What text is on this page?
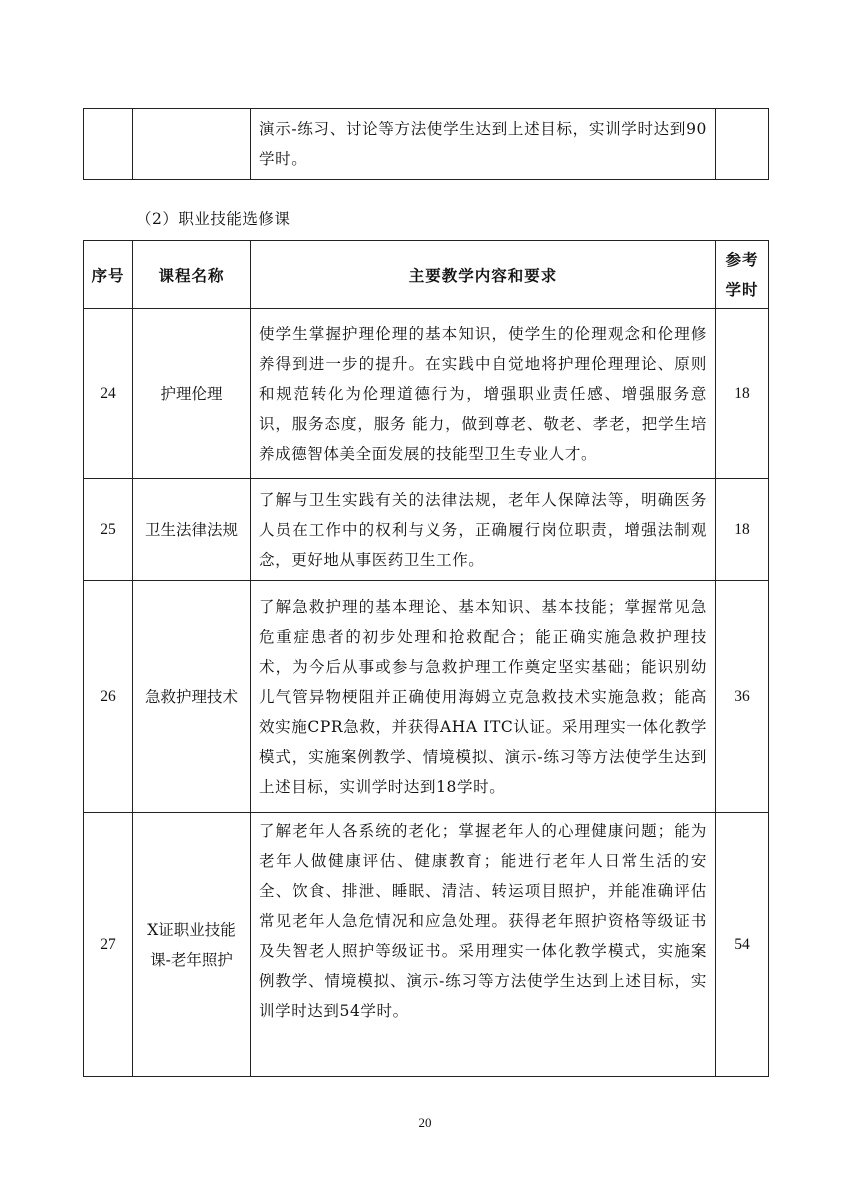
		演示-练习、讨论等方法使学生达到上述目标，实训学时达到90学时。	
（2）职业技能选修课
序号	课程名称	主要教学内容和要求	参考学时
24	护理伦理	使学生掌握护理伦理的基本知识，使学生的伦理观念和伦理修养得到进一步的提升。在实践中自觉地将护理伦理理论、原则和规范转化为伦理道德行为，增强职业责任感、增强服务意识，服务态度，服务 能力，做到尊老、敬老、孝老，把学生培养成德智体美全面发展的技能型卫生专业人才。	18
25	卫生法律法规	了解与卫生实践有关的法律法规，老年人保障法等，明确医务人员在工作中的权利与义务，正确履行岗位职责，增强法制观念，更好地从事医药卫生工作。	18
26	急救护理技术	了解急救护理的基本理论、基本知识、基本技能；掌握常见急危重症患者的初步处理和抢救配合；能正确实施急救护理技术，为今后从事或参与急救护理工作奠定坚实基础；能识别幼儿气管异物梗阻并正确使用海姆立克急救技术实施急救；能高效实施CPR急救，并获得AHA ITC认证。采用理实一体化教学模式，实施案例教学、情境模拟、演示-练习等方法使学生达到上述目标，实训学时达到18学时。	36
27	X证职业技能课-老年照护	了解老年人各系统的老化；掌握老年人的心理健康问题；能为老年人做健康评估、健康教育；能进行老年人日常生活的安全、饮食、排泄、睡眠、清洁、转运项目照护，并能准确评估常见老年人急危情况和应急处理。获得老年照护资格等级证书及失智老人照护等级证书。采用理实一体化教学模式，实施案例教学、情境模拟、演示-练习等方法使学生达到上述目标，实训学时达到54学时。	54
20
